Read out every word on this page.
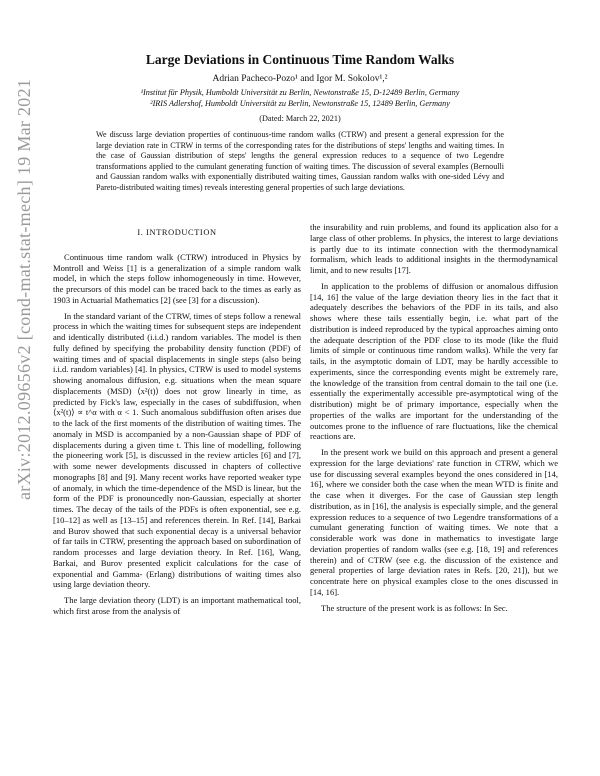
arXiv:2012.09656v2 [cond-mat.stat-mech] 19 Mar 2021
Large Deviations in Continuous Time Random Walks
Adrian Pacheco-Pozo¹ and Igor M. Sokolov¹,²
¹Institut für Physik, Humboldt Universität zu Berlin, Newtonstraße 15, D-12489 Berlin, Germany
²IRIS Adlershof, Humboldt Universität zu Berlin, Newtonstraße 15, 12489 Berlin, Germany
(Dated: March 22, 2021)
We discuss large deviation properties of continuous-time random walks (CTRW) and present a general expression for the large deviation rate in CTRW in terms of the corresponding rates for the distributions of steps' lengths and waiting times. In the case of Gaussian distribution of steps' lengths the general expression reduces to a sequence of two Legendre transformations applied to the cumulant generating function of waiting times. The discussion of several examples (Bernoulli and Gaussian random walks with exponentially distributed waiting times, Gaussian random walks with one-sided Lévy and Pareto-distributed waiting times) reveals interesting general properties of such large deviations.
I. INTRODUCTION

Continuous time random walk (CTRW) introduced in Physics by Montroll and Weiss [1] is a generalization of a simple random walk model, in which the steps follow inhomogeneously in time. However, the precursors of this model can be traced back to the times as early as 1903 in Actuarial Mathematics [2] (see [3] for a discussion).

In the standard variant of the CTRW, times of steps follow a renewal process in which the waiting times for subsequent steps are independent and identically distributed (i.i.d.) random variables. The model is then fully defined by specifying the probability density function (PDF) of waiting times and of spacial displacements in single steps (also being i.i.d. random variables) [4]. In physics, CTRW is used to model systems showing anomalous diffusion, e.g. situations when the mean square displacements (MSD) ⟨x²(t)⟩ does not grow linearly in time, as predicted by Fick's law, especially in the cases of subdiffusion, when ⟨x²(t)⟩ ∝ t^α with α < 1. Such anomalous subdiffusion often arises due to the lack of the first moments of the distribution of waiting times. The anomaly in MSD is accompanied by a non-Gaussian shape of PDF of displacements during a given time t. This line of modelling, following the pioneering work [5], is discussed in the review articles [6] and [7], with some newer developments discussed in chapters of collective monographs [8] and [9]. Many recent works have reported weaker type of anomaly, in which the time-dependence of the MSD is linear, but the form of the PDF is pronouncedly non-Gaussian, especially at shorter times. The decay of the tails of the PDFs is often exponential, see e.g. [10–12] as well as [13–15] and references therein. In Ref. [14], Barkai and Burov showed that such exponential decay is a universal behavior of far tails in CTRW, presenting the approach based on subordination of random processes and large deviation theory. In Ref. [16], Wang, Barkai, and Burov presented explicit calculations for the case of exponential and Gamma- (Erlang) distributions of waiting times also using large deviation theory.

The large deviation theory (LDT) is an important mathematical tool, which first arose from the analysis of

the insurability and ruin problems, and found its application also for a large class of other problems. In physics, the interest to large deviations is partly due to its intimate connection with the thermodynamical formalism, which leads to additional insights in the thermodynamical limit, and to new results [17].

In application to the problems of diffusion or anomalous diffusion [14, 16] the value of the large deviation theory lies in the fact that it adequately describes the behaviors of the PDF in its tails, and also shows where these tails essentially begin, i.e. what part of the distribution is indeed reproduced by the typical approaches aiming onto the adequate description of the PDF close to its mode (like the fluid limits of simple or continuous time random walks). While the very far tails, in the asymptotic domain of LDT, may be hardly accessible to experiments, since the corresponding events might be extremely rare, the knowledge of the transition from central domain to the tail one (i.e. essentially the experimentally accessible pre-asymptotical wing of the distribution) might be of primary importance, especially when the properties of the walks are important for the understanding of the outcomes prone to the influence of rare fluctuations, like the chemical reactions are.

In the present work we build on this approach and present a general expression for the large deviations' rate function in CTRW, which we use for discussing several examples beyond the ones considered in [14, 16], where we consider both the case when the mean WTD is finite and the case when it diverges. For the case of Gaussian step length distribution, as in [16], the analysis is especially simple, and the general expression reduces to a sequence of two Legendre transformations of a cumulant generating function of waiting times. We note that a considerable work was done in mathematics to investigate large deviation properties of random walks (see e.g. [18, 19] and references therein) and of CTRW (see e.g. the discussion of the existence and general properties of large deviation rates in Refs. [20, 21]), but we concentrate here on physical examples close to the ones discussed in [14, 16].

The structure of the present work is as follows: In Sec.
